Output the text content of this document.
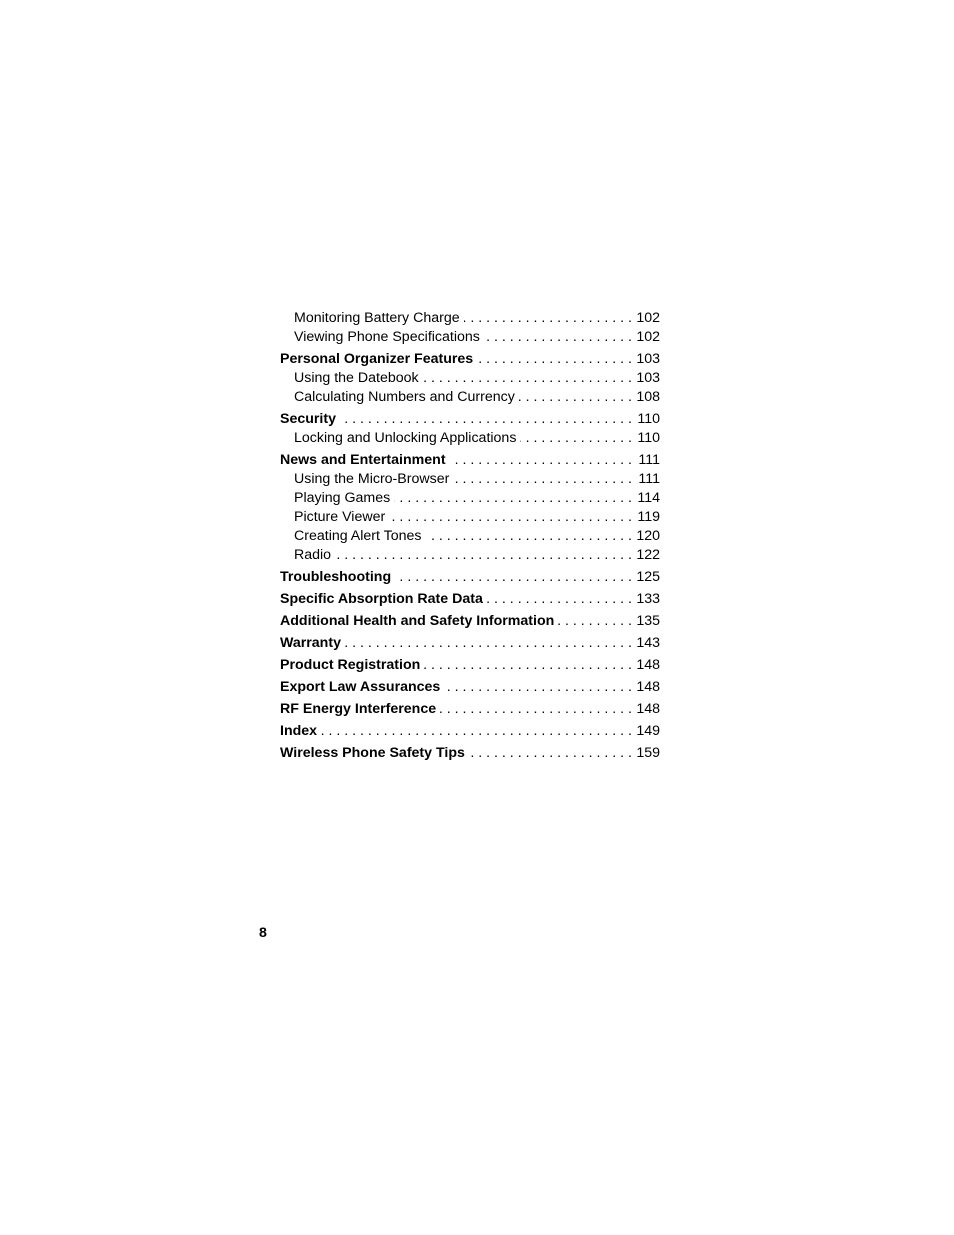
Monitoring Battery Charge . . .	102
Viewing Phone Specifications . . .	102
Personal Organizer Features . . .	103
Using the Datebook . . .	103
Calculating Numbers and Currency . . .	108
Security . . .	110
Locking and Unlocking Applications . . .	110
News and Entertainment . . .	111
Using the Micro-Browser . . .	111
Playing Games . . .	114
Picture Viewer . . .	119
Creating Alert Tones . . .	120
Radio . . .	122
Troubleshooting . . .	125
Specific Absorption Rate Data . . .	133
Additional Health and Safety Information . . .	135
Warranty . . .	143
Product Registration . . .	148
Export Law Assurances . . .	148
RF Energy Interference . . .	148
Index . . .	149
Wireless Phone Safety Tips . . .	159
8
